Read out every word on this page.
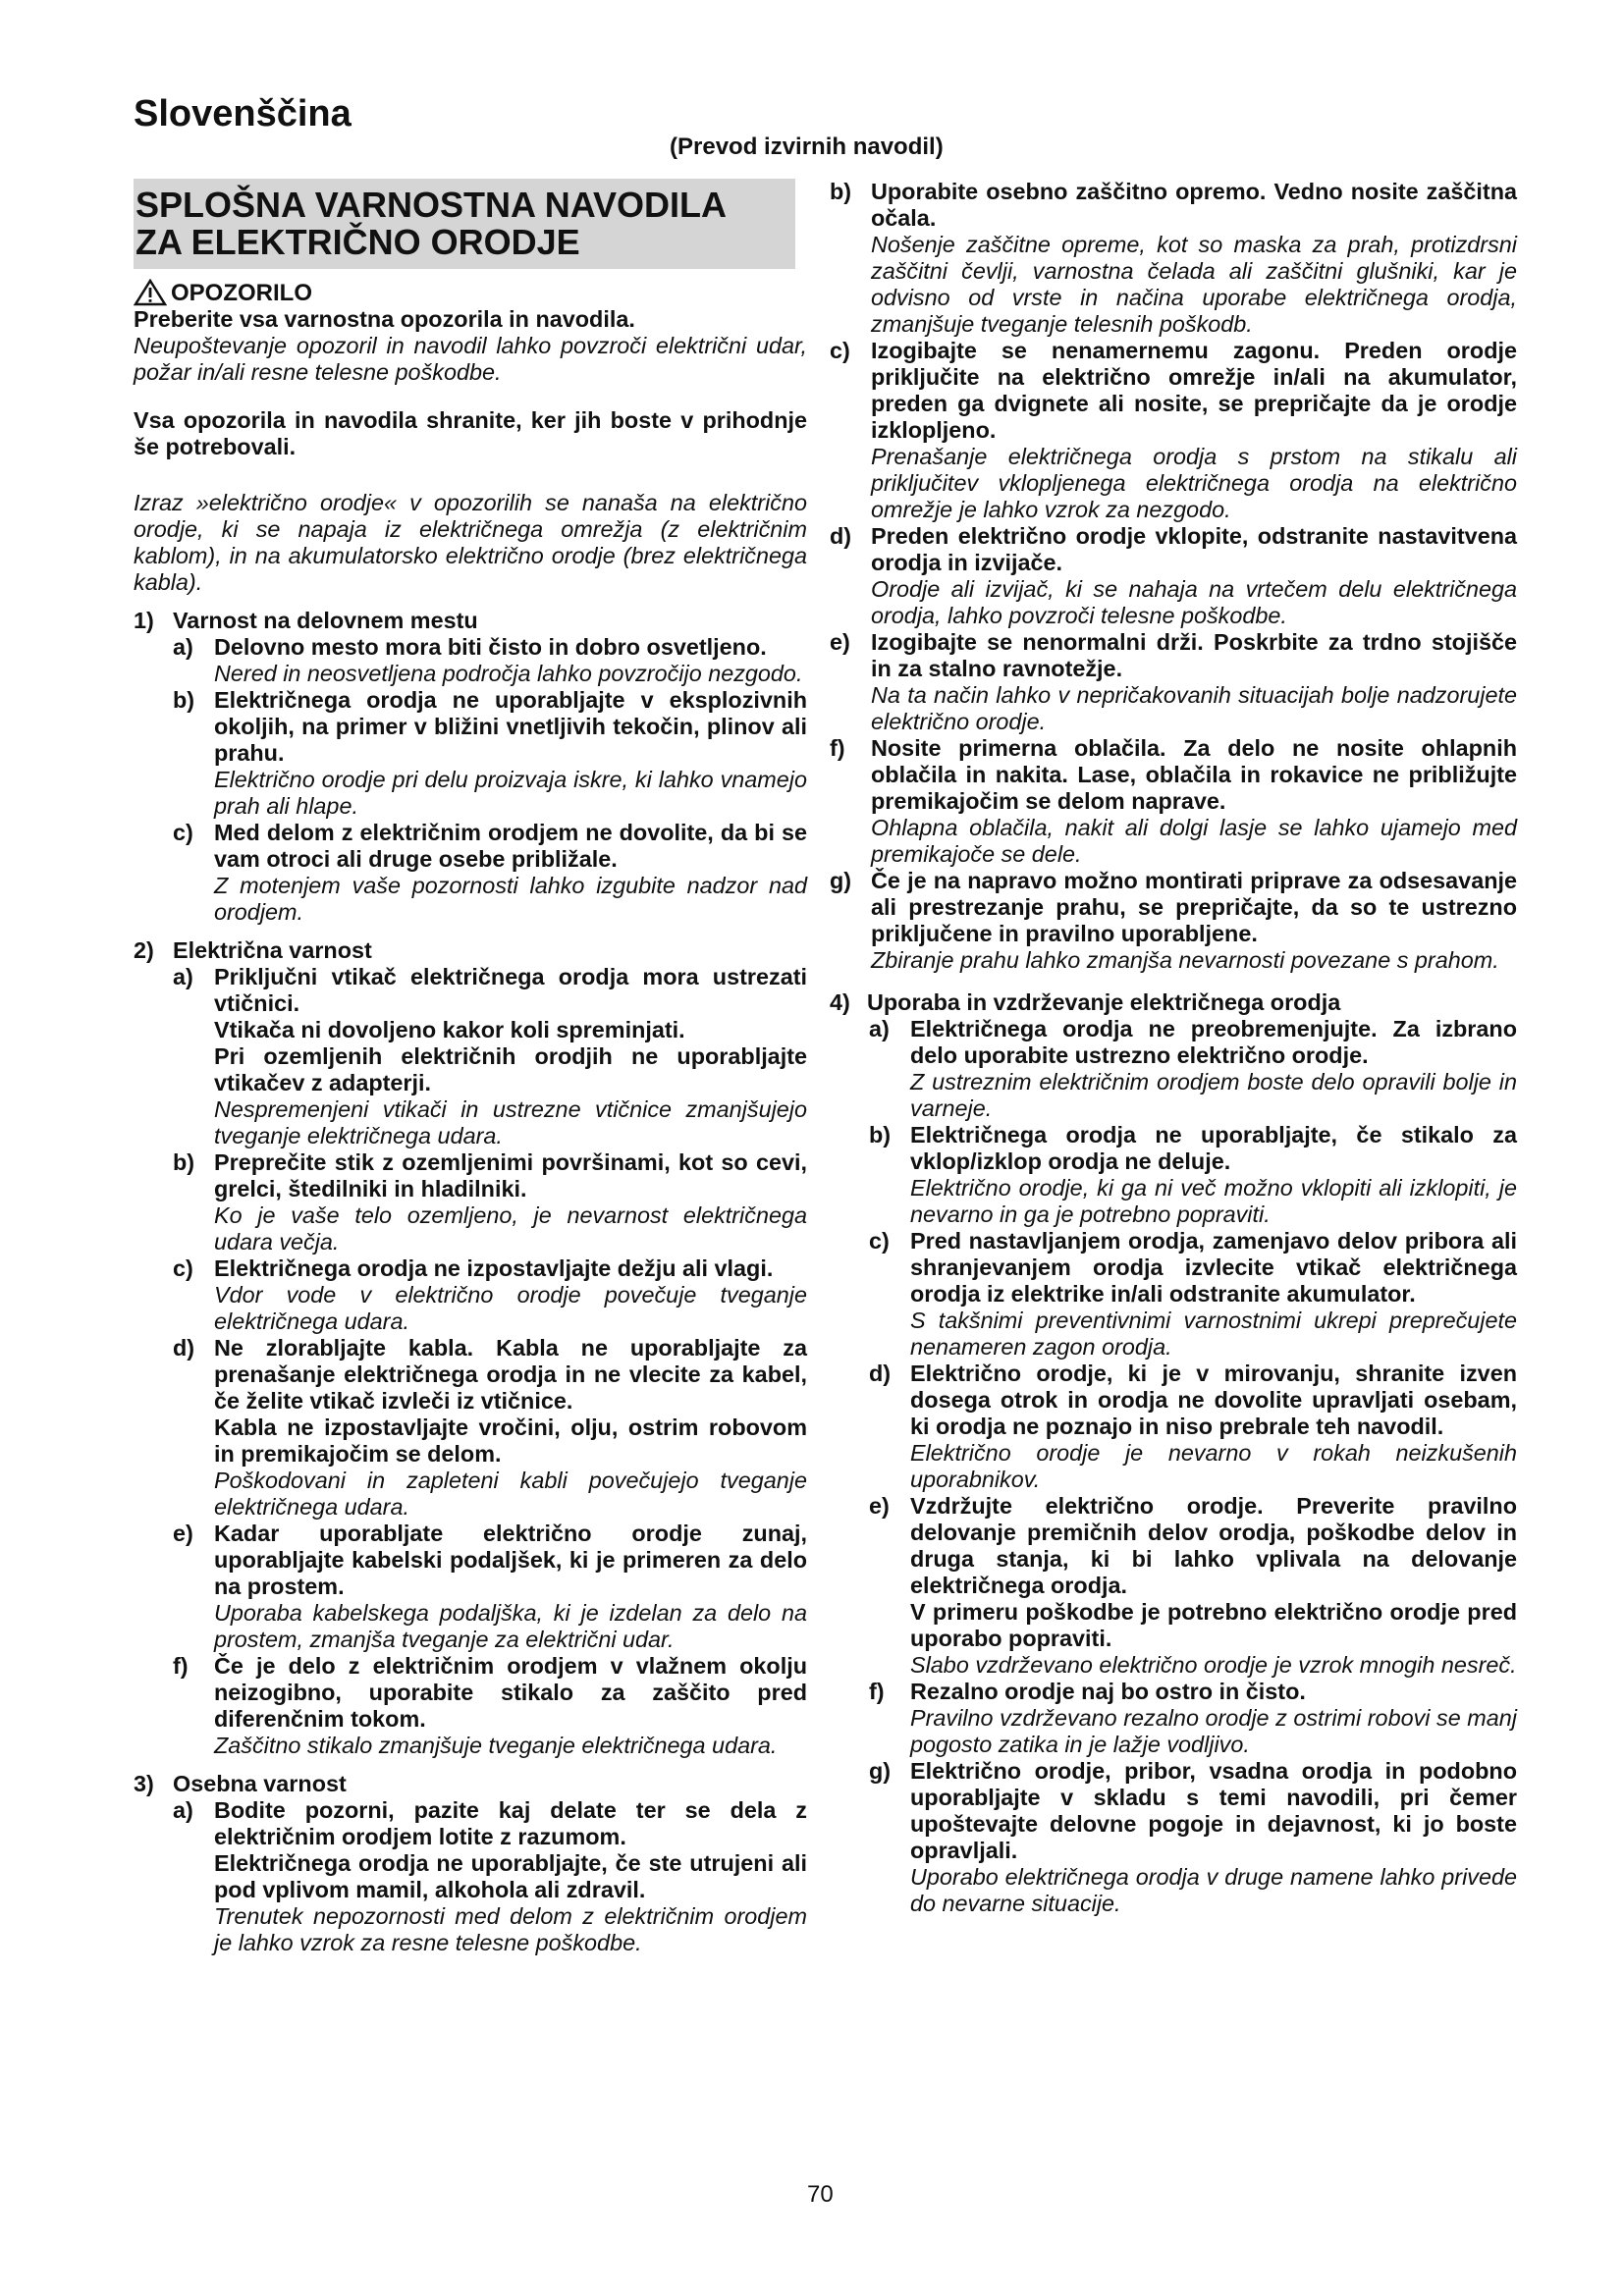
Slovenščina
(Prevod izvirnih navodil)
SPLOŠNA VARNOSTNA NAVODILA
ZA ELEKTRIČNO ORODJE
OPOZORILO
Preberite vsa varnostna opozorila in navodila.
Neupoštevanje opozoril in navodil lahko povzroči električni udar, požar in/ali resne telesne poškodbe.
Vsa opozorila in navodila shranite, ker jih boste v prihodnje še potrebovali.
Izraz »električno orodje« v opozorilih se nanaša na električno orodje, ki se napaja iz električnega omrežja (z električnim kablom), in na akumulatorsko električno orodje (brez električnega kabla).
1) Varnost na delovnem mestu
a) Delovno mesto mora biti čisto in dobro osvetljeno.
Nered in neosvetljena področja lahko povzročijo nezgodo.
b) Električnega orodja ne uporabljajte v eksplozivnih okoljih, na primer v bližini vnetljivih tekočin, plinov ali prahu.
Električno orodje pri delu proizvaja iskre, ki lahko vnamejo prah ali hlape.
c) Med delom z električnim orodjem ne dovolite, da bi se vam otroci ali druge osebe približale.
Z motenjem vaše pozornosti lahko izgubite nadzor nad orodjem.
2) Električna varnost
a) Priključni vtikač električnega orodja mora ustrezati vtičnici.
Vtikača ni dovoljeno kakor koli spreminjati.
Pri ozemljenih električnih orodjih ne uporabljajte vtikačev z adapterji.
Nespremenjeni vtikači in ustrezne vtičnice zmanjšujejo tveganje električnega udara.
b) Preprečite stik z ozemljenimi površinami, kot so cevi, grelci, štedilniki in hladilniki.
Ko je vaše telo ozemljeno, je nevarnost električnega udara večja.
c) Električnega orodja ne izpostavljajte dežju ali vlagi.
Vdor vode v električno orodje povečuje tveganje električnega udara.
d) Ne zlorabljajte kabla. Kabla ne uporabljajte za prenašanje električnega orodja in ne vlecite za kabel, če želite vtikač izvleči iz vtičnice.
Kabla ne izpostavljajte vročini, olju, ostrim robovom in premikajočim se delom.
Poškodovani in zapleteni kabli povečujejo tveganje električnega udara.
e) Kadar uporabljate električno orodje zunaj, uporabljajte kabelski podaljšek, ki je primeren za delo na prostem.
Uporaba kabelskega podaljška, ki je izdelan za delo na prostem, zmanjša tveganje za električni udar.
f)	Če je delo z električnim orodjem v vlažnem okolju neizogibno, uporabite stikalo za zaščito pred diferenčnim tokom.
Zaščitno stikalo zmanjšuje tveganje električnega udara.
3) Osebna varnost
a) Bodite pozorni, pazite kaj delate ter se dela z električnim orodjem lotite z razumom.
Električnega orodja ne uporabljajte, če ste utrujeni ali pod vplivom mamil, alkohola ali zdravil.
Trenutek nepozornosti med delom z električnim orodjem je lahko vzrok za resne telesne poškodbe.
b) Uporabite osebno zaščitno opremo. Vedno nosite zaščitna očala.
Nošenje zaščitne opreme, kot so maska za prah, protizdrsni zaščitni čevlji, varnostna čelada ali zaščitni glušniki, kar je odvisno od vrste in načina uporabe električnega orodja, zmanjšuje tveganje telesnih poškodb.
c) Izogibajte se nenamernemu zagonu. Preden orodje priključite na električno omrežje in/ali na akumulator, preden ga dvignete ali nosite, se prepričajte da je orodje izklopljeno.
Prenašanje električnega orodja s prstom na stikalu ali priključitev vklopljenega električnega orodja na električno omrežje je lahko vzrok za nezgodo.
d) Preden električno orodje vklopite, odstranite nastavitvena orodja in izvijače.
Orodje ali izvijač, ki se nahaja na vrtečem delu električnega orodja, lahko povzroči telesne poškodbe.
e) Izogibajte se nenormalni drži. Poskrbite za trdno stojišče in za stalno ravnotežje.
Na ta način lahko v nepričakovanih situacijah bolje nadzorujete električno orodje.
f)	Nosite primerna oblačila. Za delo ne nosite ohlapnih oblačila in nakita. Lase, oblačila in rokavice ne približujte premikajočim se delom naprave.
Ohlapna oblačila, nakit ali dolgi lasje se lahko ujamejo med premikajoče se dele.
g) Če je na napravo možno montirati priprave za odsesavanje ali prestrezanje prahu, se prepričajte, da so te ustrezno priključene in pravilno uporabljene.
Zbiranje prahu lahko zmanjša nevarnosti povezane s prahom.
4) Uporaba in vzdrževanje električnega orodja
a) Električnega orodja ne preobremenjujte. Za izbrano delo uporabite ustrezno električno orodje.
Z ustreznim električnim orodjem boste delo opravili bolje in varneje.
b) Električnega orodja ne uporabljajte, če stikalo za vklop/izklop orodja ne deluje.
Električno orodje, ki ga ni več možno vklopiti ali izklopiti, je nevarno in ga je potrebno popraviti.
c) Pred nastavljanjem orodja, zamenjavo delov pribora ali shranjevanjem orodja izvlecite vtikač električnega orodja iz elektrike in/ali odstranite akumulator.
S takšnimi preventivnimi varnostnimi ukrepi preprečujete nenameren zagon orodja.
d) Električno orodje, ki je v mirovanju, shranite izven dosega otrok in orodja ne dovolite upravljati osebam, ki orodja ne poznajo in niso prebrale teh navodil.
Električno orodje je nevarno v rokah neizkušenih uporabnikov.
e) Vzdržujte električno orodje. Preverite pravilno delovanje premičnih delov orodja, poškodbe delov in druga stanja, ki bi lahko vplivala na delovanje električnega orodja.
V primeru poškodbe je potrebno električno orodje pred uporabo popraviti.
Slabo vzdrževano električno orodje je vzrok mnogih nesreč.
f)	Rezalno orodje naj bo ostro in čisto.
Pravilno vzdrževano rezalno orodje z ostrimi robovi se manj pogosto zatika in je lažje vodljivo.
g) Električno orodje, pribor, vsadna orodja in podobno uporabljajte v skladu s temi navodili, pri čemer upoštevajte delovne pogoje in dejavnost, ki jo boste opravljali.
Uporabo električnega orodja v druge namene lahko privede do nevarne situacije.
70
